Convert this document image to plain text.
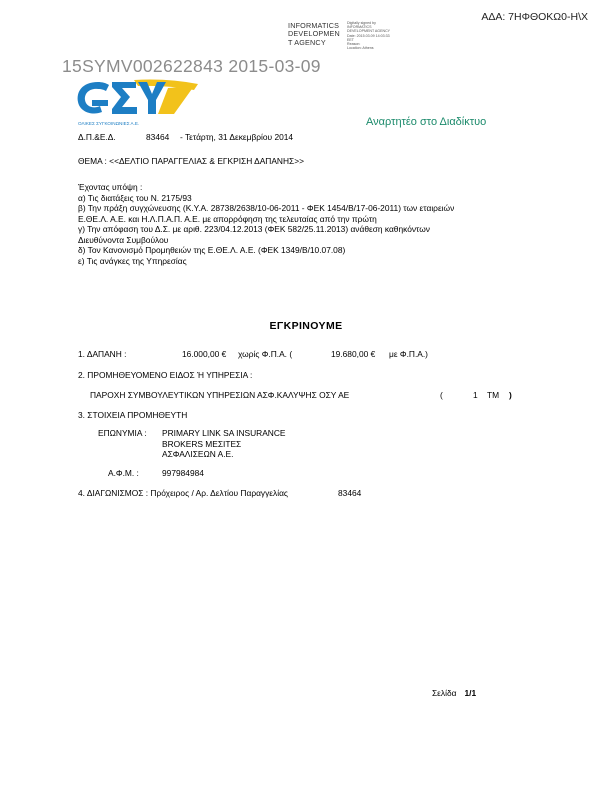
ΑΔΑ: 7ΗΦΘΟΚΩ0-Η\Χ
INFORMATICS
DEVELOPMEN
T AGENCY
Digitally signed by
INFORMATICS
DEVELOPMENT AGENCY
Date: 2015.03.09 14:03:33
EET
Reason:
Location: Athens
15SYMV002622843 2015-03-09
ΟΛΙΚΕΣ ΣΥΓΚΟΙΝΩΝΙΕΣ Α.Ε.	Αναρτητέο στο Διαδίκτυο
Δ.Π.&Ε.Δ.	83464 - Τετάρτη, 31 Δεκεμβρίου 2014
ΘΕΜΑ : <<ΔΕΛΤΙΟ ΠΑΡΑΓΓΕΛΙΑΣ & ΕΓΚΡΙΣΗ ΔΑΠΑΝΗΣ>>
Έχοντας υπόψη :
α) Τις διατάξεις του Ν. 2175/93
β) Την πράξη συγχώνευσης (Κ.Υ.Α. 28738/2638/10-06-2011 - ΦΕΚ 1454/Β/17-06-2011) των εταιρειών
Ε.ΘΕ.Λ. Α.Ε. και Η.Λ.Π.Α.Π. Α.Ε. με απορρόφηση της τελευταίας από την πρώτη
γ) Την απόφαση του Δ.Σ. με αριθ. 223/04.12.2013 (ΦΕΚ 582/25.11.2013) ανάθεση καθηκόντων
Διευθύνοντα Συμβούλου
δ) Τον Κανονισμό Προμηθειών της Ε.ΘΕ.Λ. Α.Ε. (ΦΕΚ 1349/Β/10.07.08)
ε) Τις ανάγκες της Υπηρεσίας
ΕΓΚΡΙΝΟΥΜΕ
1. ΔΑΠΑΝΗ :	16.000,00 € χωρίς Φ.Π.Α. (	19.680,00 € με Φ.Π.Α.)
2. ΠΡΟΜΗΘΕΥΟΜΕΝΟ ΕΙΔΟΣ Ή ΥΠΗΡΕΣΙΑ :
ΠΑΡΟΧΗ ΣΥΜΒΟΥΛΕΥΤΙΚΩΝ ΥΠΗΡΕΣΙΩΝ ΑΣΦ.ΚΑΛΥΨΗΣ ΟΣΥ ΑΕ	(	1 ΤΜ )
3. ΣΤΟΙΧΕΙΑ ΠΡΟΜΗΘΕΥΤΗ
ΕΠΩΝΥΜΙΑ : PRIMARY LINK SA INSURANCE
BROKERS ΜΕΣΙΤΕΣ
ΑΣΦΑΛΙΣΕΩΝ Α.Ε.
Α.Φ.Μ. :	997984984
4. ΔΙΑΓΩΝΙΣΜΟΣ : Πρόχειρος / Αρ. Δελτίου Παραγγελίας	83464
Σελίδα 1/1
